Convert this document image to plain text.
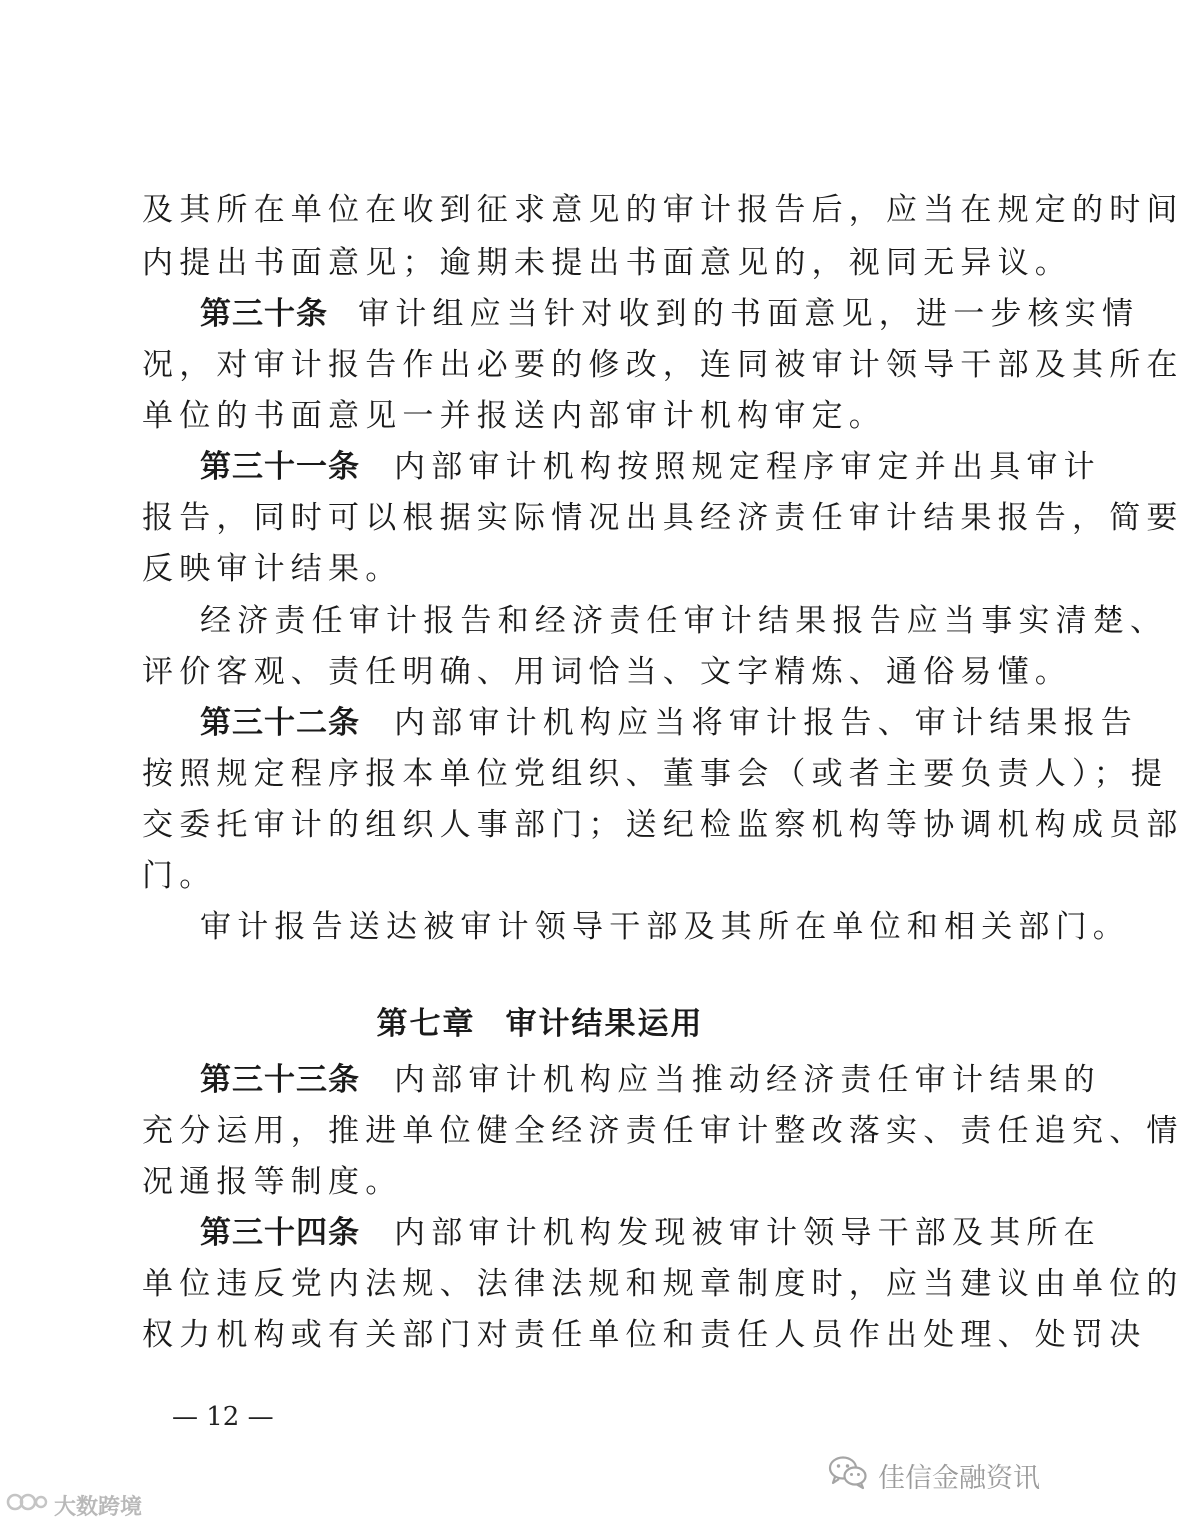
及其所在单位在收到征求意见的审计报告后，应当在规定的时间
内提出书面意见；逾期未提出书面意见的，视同无异议。
第三十条 审计组应当针对收到的书面意见，进一步核实情
况，对审计报告作出必要的修改，连同被审计领导干部及其所在
单位的书面意见一并报送内部审计机构审定。
第三十一条 内部审计机构按照规定程序审定并出具审计
报告，同时可以根据实际情况出具经济责任审计结果报告，简要
反映审计结果。
经济责任审计报告和经济责任审计结果报告应当事实清楚、
评价客观、责任明确、用词恰当、文字精炼、通俗易懂。
第三十二条 内部审计机构应当将审计报告、审计结果报告
按照规定程序报本单位党组织、董事会（或者主要负责人）；提
交委托审计的组织人事部门；送纪检监察机构等协调机构成员部
门。
审计报告送达被审计领导干部及其所在单位和相关部门。
第七章 审计结果运用
第三十三条 内部审计机构应当推动经济责任审计结果的
充分运用，推进单位健全经济责任审计整改落实、责任追究、情
况通报等制度。
第三十四条 内部审计机构发现被审计领导干部及其所在
单位违反党内法规、法律法规和规章制度时，应当建议由单位的
权力机构或有关部门对责任单位和责任人员作出处理、处罚决
— 12 —
佳信金融资讯
大数跨境
